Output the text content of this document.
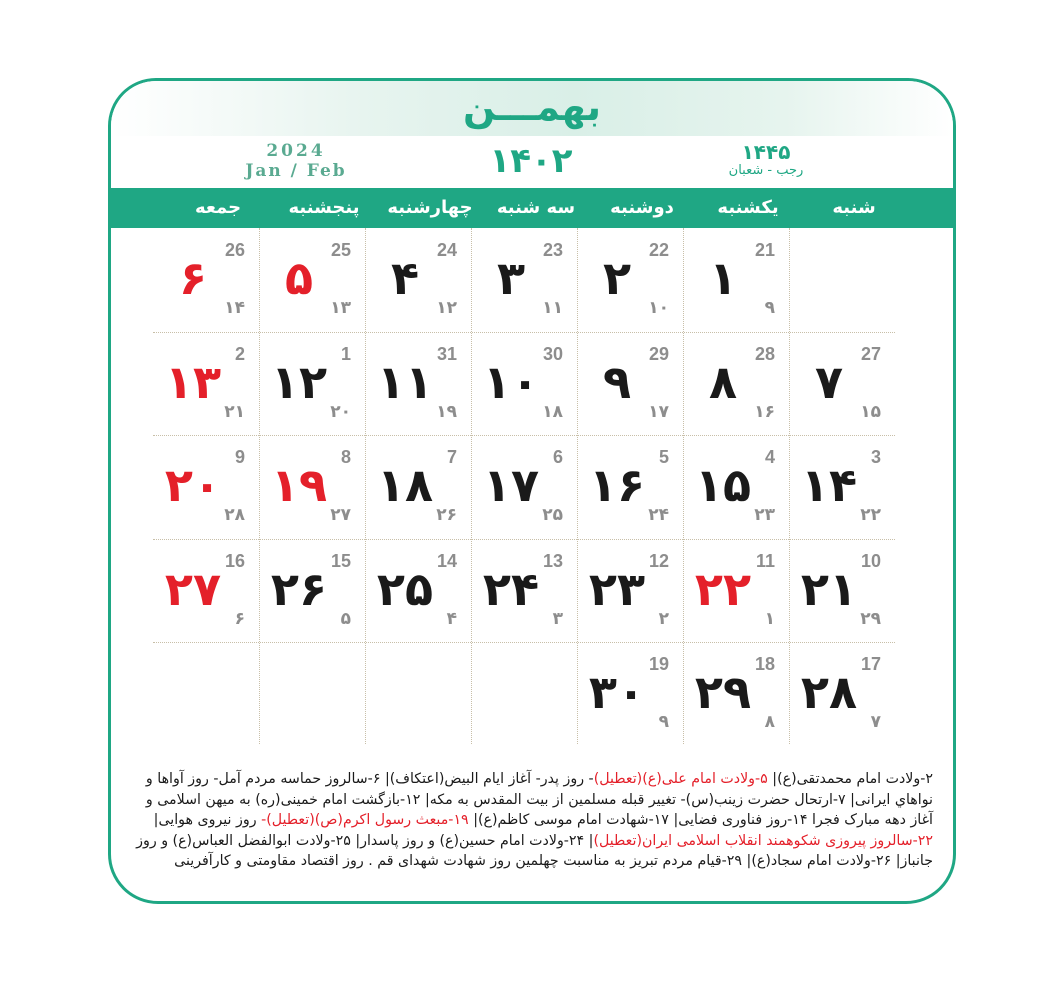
بهمـــن
2024
Jan / Feb	۱۴۰۲	۱۴۴۵
رجب - شعبان
شنبه
یکشنبه
دوشنبه
سه شنبه
چهارشنبه
پنجشنبه
جمعه
۱
21
۹
۲
22
۱۰
۳
23
۱۱
۴
24
۱۲
۵
25
۱۳
۶
26
۱۴
۷
27
۱۵
۸
28
۱۶
۹
29
۱۷
۱۰
30
۱۸
۱۱
31
۱۹
۱۲
1
۲۰
۱۳
2
۲۱
۱۴
3
۲۲
۱۵
4
۲۳
۱۶
5
۲۴
۱۷
6
۲۵
۱۸
7
۲۶
۱۹
8
۲۷
۲۰
9
۲۸
۲۱
10
۲۹
۲۲
11
۱
۲۳
12
۲
۲۴
13
۳
۲۵
14
۴
۲۶
15
۵
۲۷
16
۶
۲۸
17
۷
۲۹
18
۸
۳۰
19
۹
۲-ولادت امام محمدتقی(ع)| ۵-ولادت امام علی(ع)(تعطیل)- روز پدر- آغاز ایام البیض(اعتکاف)| ۶-سالروز حماسه مردم آمل- روز آواها و نواهاي ایرانی| ۷-ارتحال حضرت زینب(س)- تغییر قبله مسلمین از بیت المقدس به مکه| ۱۲-بازگشت امام خمینی(ره) به میهن اسلامی و آغاز دهه مبارک فجرا ۱۴-روز فناوری فضایی| ۱۷-شهادت امام موسی کاظم(ع)| ۱۹-مبعث رسول اکرم(ص)(تعطیل)- روز نیروی هوایی| ۲۲-سالروز پیروزی شکوهمند انقلاب اسلامی ایران(تعطیل)| ۲۴-ولادت امام حسین(ع) و روز پاسدار| ۲۵-ولادت ابوالفضل العباس(ع) و روز جانباز| ۲۶-ولادت امام سجاد(ع)| ۲۹-قیام مردم تبریز به مناسبت چهلمین روز شهادت شهدای قم . روز اقتصاد مقاومتی و کارآفرینی
